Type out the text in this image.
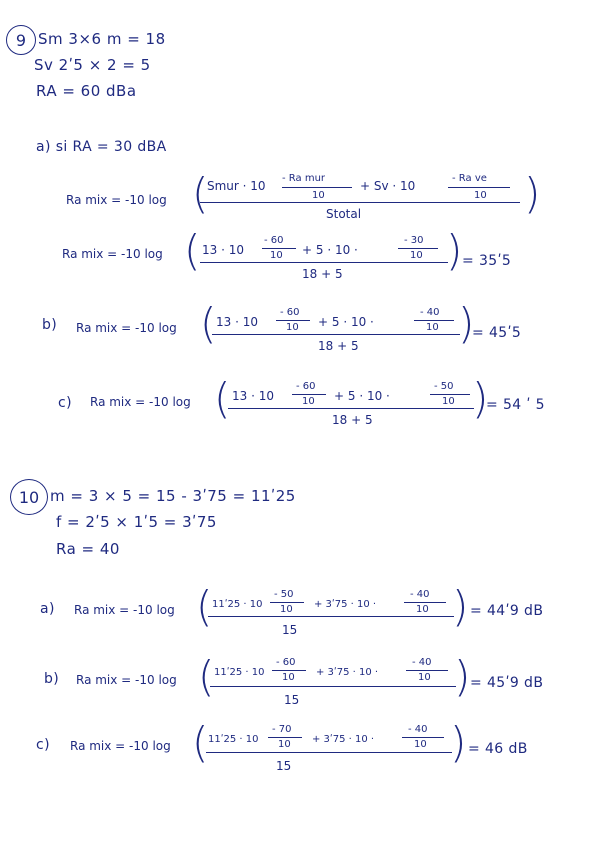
9 Sm 3×6 m = 18
Sv 2ʹ5 × 2 = 5
RA = 60 dBa
a) si RA = 30 dBA
Ra mix = -10 log (
Smur · 10
- Ra mur
10
+ Sv · 10
- Ra ve
10
Stotal	)
Ra mix = -10 log ( 13 · 10
- 60
10 + 5 · 10 ·
- 30
10
18 + 5 ) = 35ʹ5
b) Ra mix = -10 log ( 13 · 10
- 60
10 + 5 · 10 ·
- 40
10
18 + 5 )
= 45ʹ5
c) Ra mix = -10 log ( 13 · 10
- 60
10 + 5 · 10 ·
- 50
10
18 + 5 )
= 54 ʹ 5
10 m = 3 × 5 = 15 - 3ʹ75 = 11ʹ25
f = 2ʹ5 × 1ʹ5 = 3ʹ75
Ra = 40
a) Ra mix = -10 log ( 11ʹ25 · 10
- 50
10 + 3ʹ75 · 10 ·
- 40
10
15	) = 44ʹ9 dB
b) Ra mix = -10 log ( 11ʹ25 · 10
- 60
10 + 3ʹ75 · 10 ·
- 40
10
15	) = 45ʹ9 dB
c) Ra mix = -10 log ( 11ʹ25 · 10
- 70
10 + 3ʹ75 · 10 ·
- 40
10
15	) = 46 dB
